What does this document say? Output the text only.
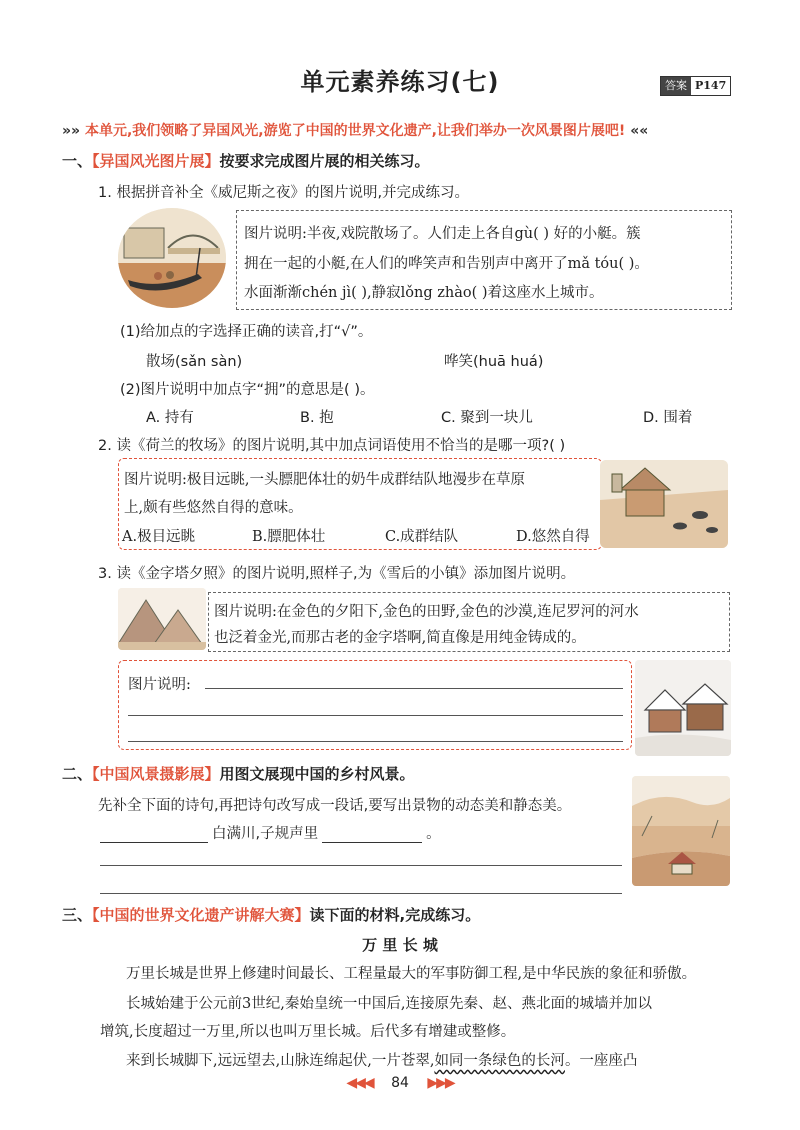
单元素养练习(七)	答案 P147
»» 本单元,我们领略了异国风光,游览了中国的世界文化遗产,让我们举办一次风景图片展吧! ««
一、【异国风光图片展】按要求完成图片展的相关练习。
1. 根据拼音补全《威尼斯之夜》的图片说明,并完成练习。
图片说明:半夜,戏院散场了。人们走上各自gù( ) 好的小艇。簇
拥在一起的小艇,在人们的哗笑声和告别声中离开了mǎ tóu( )。
水面渐渐chén jì( ),静寂lǒng zhào( )着这座水上城市。
(1)给加点的字选择正确的读音,打“√”。
散场(sǎn sàn)	哗笑(huā huá)
(2)图片说明中加点字“拥”的意思是( )。
A. 持有	B. 抱	C. 聚到一块儿	D. 围着
2. 读《荷兰的牧场》的图片说明,其中加点词语使用不恰当的是哪一项?( )
图片说明:极目远眺,一头膘肥体壮的奶牛成群结队地漫步在草原
上,颇有些悠然自得的意味。
A.极目远眺	B.膘肥体壮	C.成群结队	D.悠然自得
3. 读《金字塔夕照》的图片说明,照样子,为《雪后的小镇》添加图片说明。
图片说明:在金色的夕阳下,金色的田野,金色的沙漠,连尼罗河的河水
也泛着金光,而那古老的金字塔啊,简直像是用纯金铸成的。
图片说明:
二、【中国风景摄影展】用图文展现中国的乡村风景。
先补全下面的诗句,再把诗句改写成一段话,要写出景物的动态美和静态美。
白满川,子规声里	。
三、【中国的世界文化遗产讲解大赛】读下面的材料,完成练习。
万 里 长 城
万里长城是世界上修建时间最长、工程量最大的军事防御工程,是中华民族的象征和骄傲。
长城始建于公元前3世纪,秦始皇统一中国后,连接原先秦、赵、燕北面的城墙并加以
增筑,长度超过一万里,所以也叫万里长城。后代多有增建或整修。
来到长城脚下,远远望去,山脉连绵起伏,一片苍翠,如同一条绿色的长河。一座座凸
◀◀◀ 84 ▶▶▶
